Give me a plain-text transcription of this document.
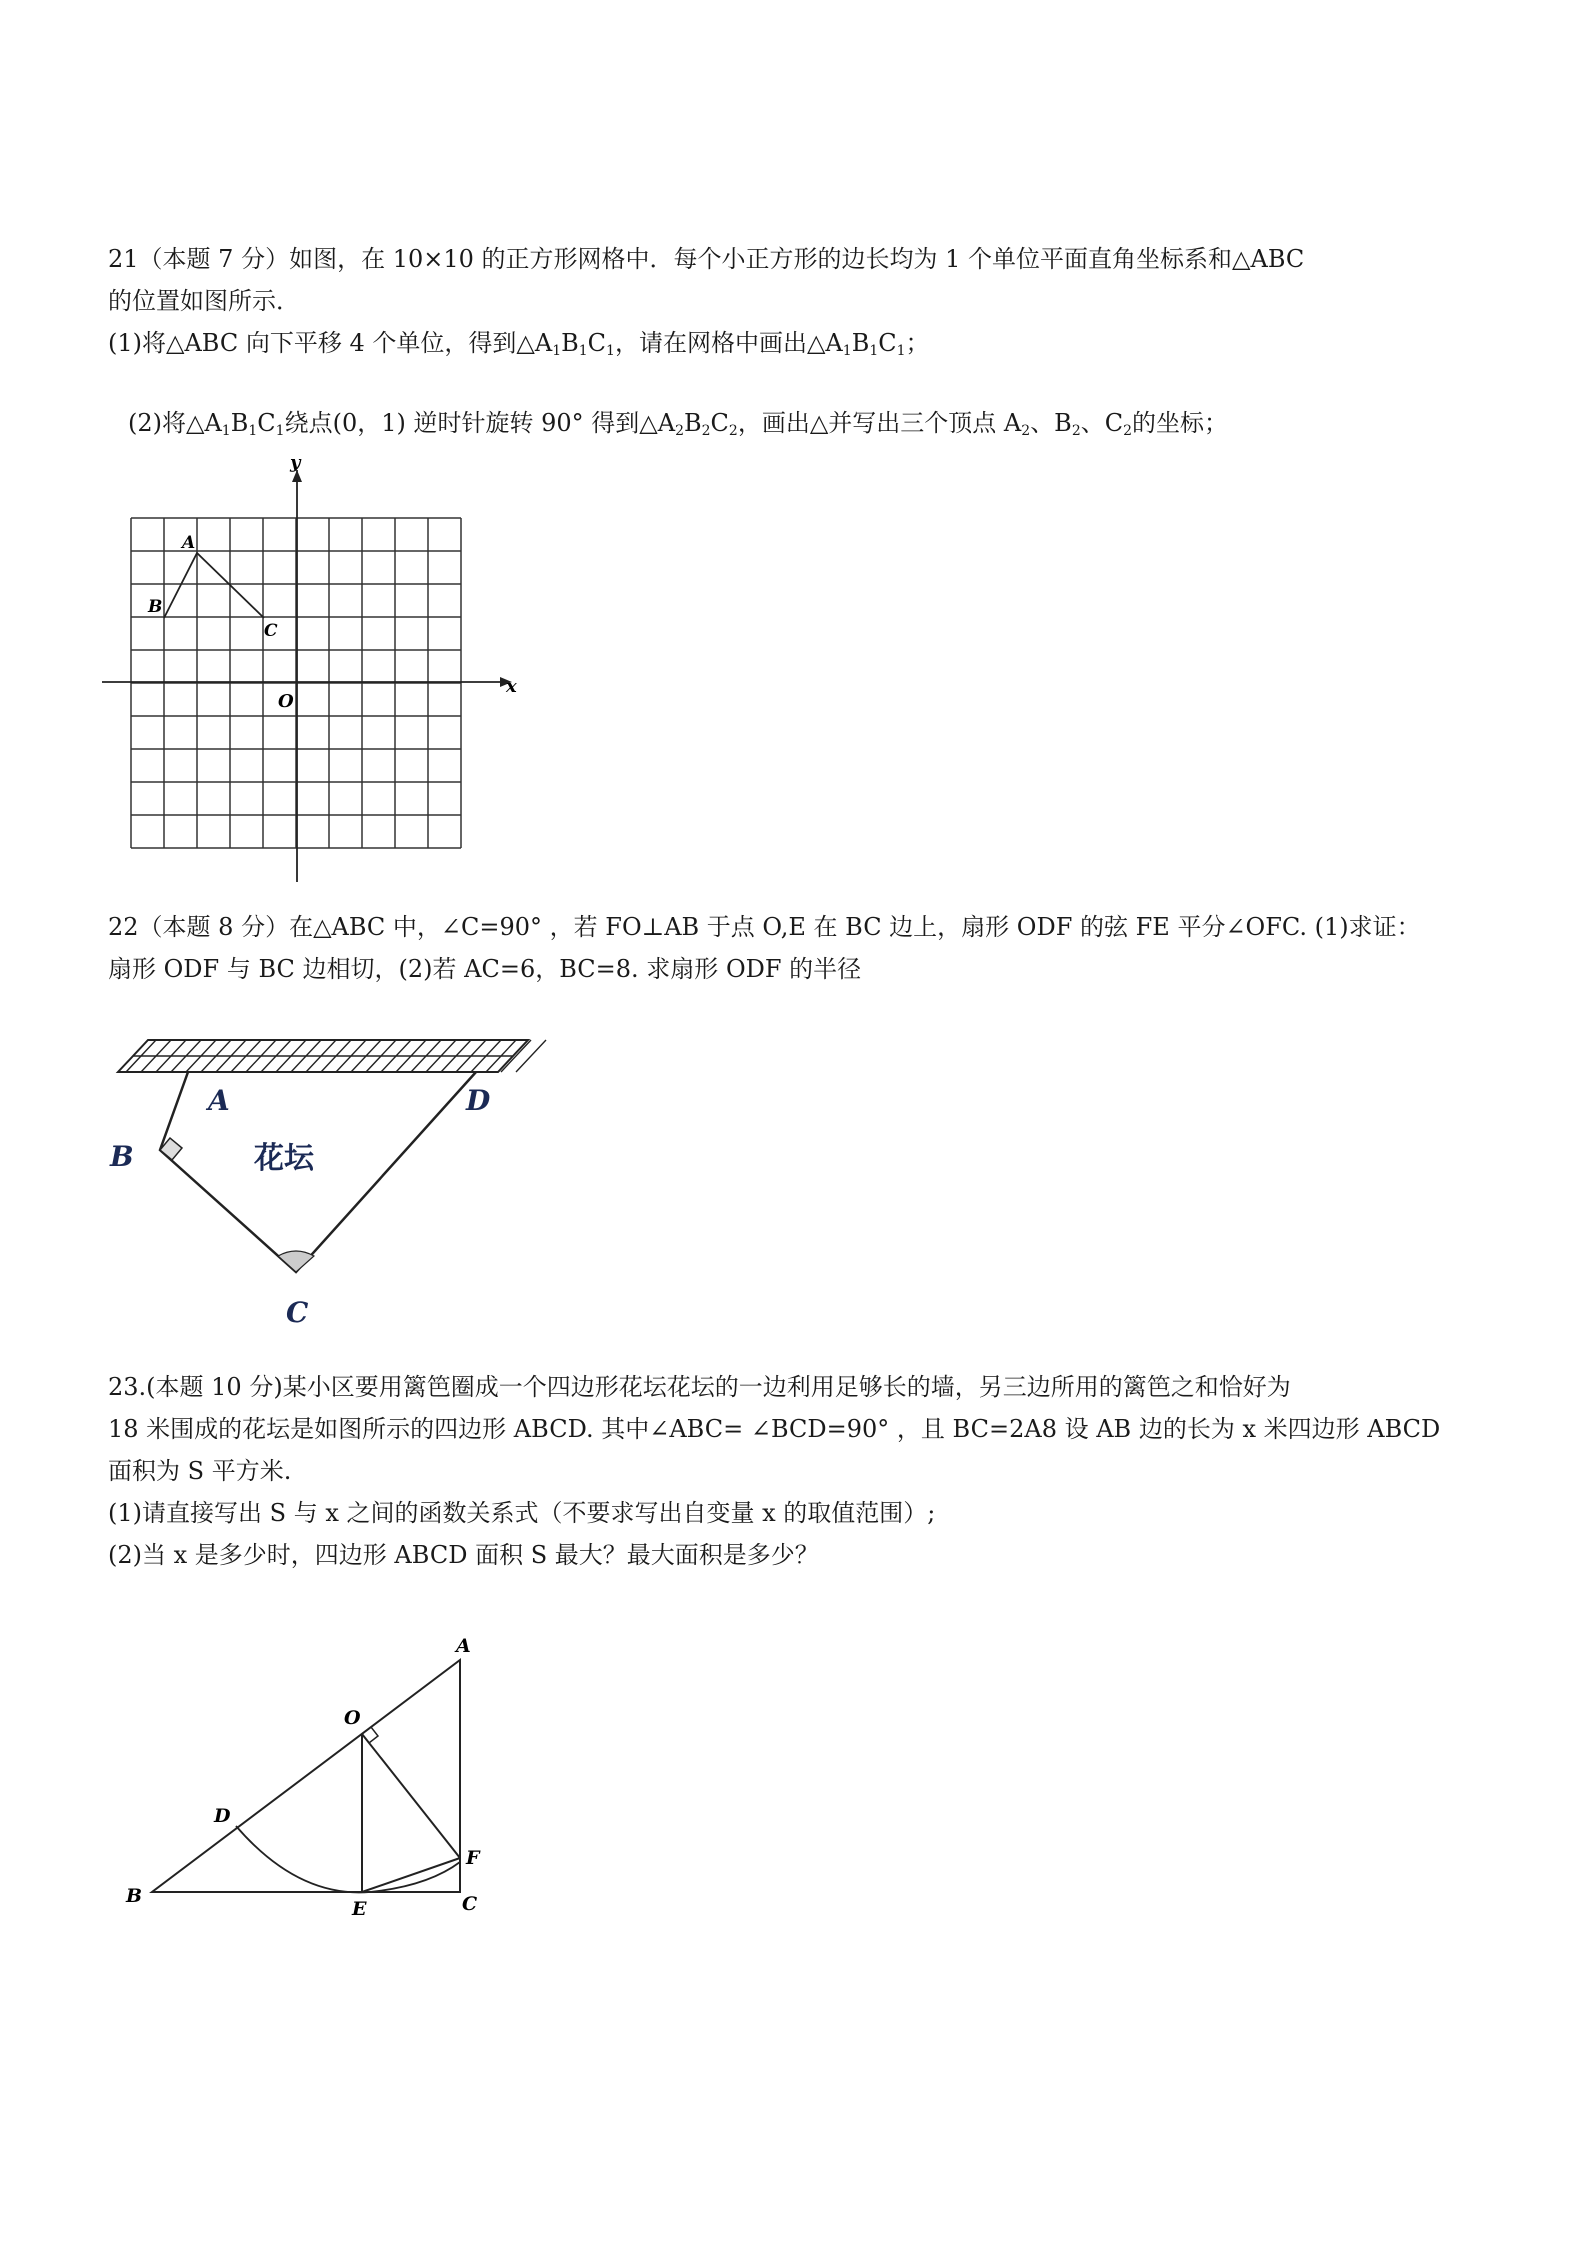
21（本题 7 分）如图，在 10×10 的正方形网格中．每个小正方形的边长均为 1 个单位平面直角坐标系和△ABC
的位置如图所示．
(1)将△ABC 向下平移 4 个单位，得到$\triangle A_1B_1C_1$，请在网格中画出$\triangle A_1B_1C_1$；
(2)将$\triangle A_1B_1C_1$绕点(0，1) 逆时针旋转 90° 得到$\triangle A_2B_2C_2$，画出△并写出三个顶点 $A_2$、$B_2$、$C_2$的坐标；
y
x
O
A
B
C
22（本题 8 分）在△ABC 中，∠C=90° ，若 FO⊥AB 于点 O,E 在 BC 边上，扇形 ODF 的弦 FE 平分∠OFC. (1)求证：
扇形 ODF 与 BC 边相切，(2)若 AC=6，BC=8. 求扇形 ODF 的半径
A
B
D
C
花坛
23.(本题 10 分)某小区要用篱笆圈成一个四边形花坛花坛的一边利用足够长的墙，另三边所用的篱笆之和恰好为
18 米围成的花坛是如图所示的四边形 ABCD. 其中∠ABC= ∠BCD=90° ，且 BC=2A8 设 AB 边的长为 x 米四边形 ABCD
面积为 S 平方米.
(1)请直接写出 S 与 x 之间的函数关系式（不要求写出自变量 x 的取值范围）;
(2)当 x 是多少时，四边形 ABCD 面积 S 最大？最大面积是多少？
A
O
D
F
B
E	C
